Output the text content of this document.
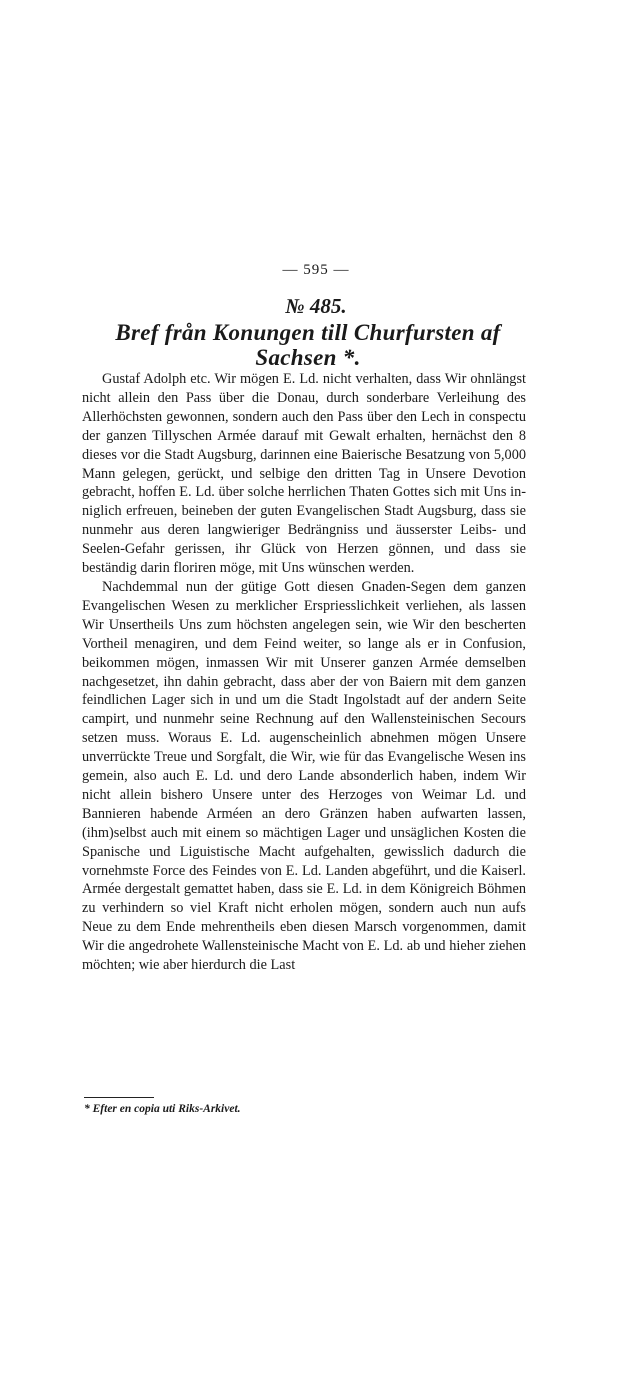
— 595 —
№ 485.
Bref från Konungen till Churfursten af Sachsen *.

Gustaf Adolph etc. Wir mögen E. Ld. nicht verhalten, dass Wir ohnlängst nicht allein den Pass über die Donau, durch sonderbare Verleihung des Allerhöchsten gewonnen, sondern auch den Pass über den Lech in conspectu der ganzen Tillyschen Armée darauf mit Gewalt erhalten, hernächst den 8 dieses vor die Stadt Augsburg, darinnen eine Baierische Besatzung von 5,000 Mann gelegen, gerückt, und selbige den dritten Tag in Unsere Devotion gebracht, hoffen E. Ld. über solche herrlichen Thaten Gottes sich mit Uns inniglich erfreuen, beineben der guten Evangelischen Stadt Augsburg, dass sie nunmehr aus deren langwieriger Bedrängniss und äusserster Leibs- und Seelen-Gefahr gerissen, ihr Glück von Herzen gönnen, und dass sie beständig darin floriren möge, mit Uns wünschen werden.

Nachdemmal nun der gütige Gott diesen Gnaden-Segen dem ganzen Evangelischen Wesen zu merklicher Erspriesslichkeit verliehen, als lassen Wir Unsertheils Uns zum höchsten angelegen sein, wie Wir den bescherten Vortheil menagiren, und dem Feind weiter, so lange als er in Confusion, beikommen mögen, inmassen Wir mit Unserer ganzen Armée demselben nachgesetzet, ihn dahin gebracht, dass aber der von Baiern mit dem ganzen feindlichen Lager sich in und um die Stadt Ingolstadt auf der andern Seite campirt, und nunmehr seine Rechnung auf den Wallensteinischen Secours setzen muss. Woraus E. Ld. augenscheinlich abnehmen mögen Unsere unverrückte Treue und Sorgfalt, die Wir, wie für das Evangelische Wesen ins gemein, also auch E. Ld. und dero Lande absonderlich haben, indem Wir nicht allein bishero Unsere unter des Herzoges von Weimar Ld. und Bannieren habende Arméen an dero Gränzen haben aufwarten lassen, (ihm)selbst auch mit einem so mächtigen Lager und unsäglichen Kosten die Spanische und Liguistische Macht aufgehalten, gewisslich dadurch die vornehmste Force des Feindes von E. Ld. Landen abgeführt, und die Kaiserl. Armée dergestalt gemattet haben, dass sie E. Ld. in dem Königreich Böhmen zu verhindern so viel Kraft nicht erholen mögen, sondern auch nun aufs Neue zu dem Ende mehrentheils eben diesen Marsch vorgenommen, damit Wir die angedrohete Wallensteinische Macht von E. Ld. ab und hieher ziehen möchten; wie aber hierdurch die Last

* Efter en copia uti Riks-Arkivet.
